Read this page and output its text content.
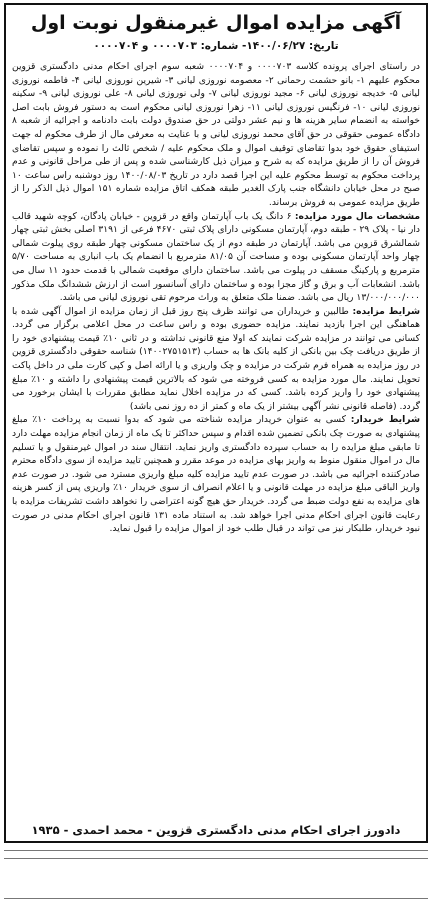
آگهی مزایده اموال غیرمنقول نوبت اول
تاریخ: ۱۴۰۰/۰۶/۲۷- شماره: ۰۰۰۰۷۰۳ و ۰۰۰۰۷۰۴

در راستای اجرای پرونده کلاسه ۰۰۰۰۷۰۳ و ۰۰۰۰۷۰۴ شعبه سوم اجرای احکام مدنی دادگستری قزوین محکوم علیهم ۱- بانو حشمت رحمانی ۲- معصومه نوروزی لیانی ۳- شیرین نوروزی لیانی ۴- فاطمه نوروزی لیانی ۵- خدیجه نوروزی لیانی ۶- مجید نوروزی لیانی ۷- ولی نوروزی لیانی ۸- علی نوروزی لیانی ۹- سکینه نوروزی لیانی ۱۰- فرنگیس نوروزی لیانی ۱۱- زهرا نوروزی لیانی محکوم است به دستور فروش بابت اصل خواسته به انضمام سایر هزینه ها و نیم عشر دولتی در حق صندوق دولت بابت دادنامه و اجرائیه از شعبه ۸ دادگاه عمومی حقوقی در حق آقای محمد نوروزی لیانی و با عنایت به معرفی مال از طرف محکوم له جهت استیفای حقوق خود بدوا تقاضای توقیف اموال و ملک محکوم علیه / شخص ثالث را نموده و سپس تقاضای فروش آن را از طریق مزایده که به شرح و میزان ذیل کارشناسی شده و پس از طی مراحل قانونی و عدم پرداخت محکوم به توسط محکوم علیه این اجرا قصد دارد در تاریخ ۱۴۰۰/۰۸/۰۳ روز دوشنبه راس ساعت ۱۰ صبح در محل خیابان دانشگاه جنب پارک الغدیر طبقه همکف اتاق مزایده شماره ۱۵۱ اموال ذیل الذکر را از طریق مزایده عمومی به فروش برساند.

مشخصات مال مورد مزایده: ۶ دانگ یک باب آپارتمان واقع در قزوین - خیابان پادگان، کوچه شهید قالب دار نیا - پلاک ۲۹ - طبقه دوم، آپارتمان مسکونی دارای پلاک ثبتی ۴۶۷۰ فرعی از ۳۱۹۱ اصلی بخش ثبتی چهار شمالشرق قزوین می باشد. آپارتمان در طبقه دوم از یک ساختمان مسکونی چهار طبقه روی پیلوت شمالی چهار واحد آپارتمان مسکونی بوده و مساحت آن ۸۱/۰۵ مترمربع با انضمام یک باب انباری به مساحت ۵/۷۰ مترمربع و پارکینگ مسقف در پیلوت می باشد. ساختمان دارای موقعیت شمالی با قدمت حدود ۱۱ سال می باشد. انشعابات آب و برق و گاز مجزا بوده و ساختمان دارای آسانسور است از ارزش ششدانگ ملک مذکور ۱۳/۰۰۰/۰۰۰/۰۰۰ ریال می باشد. ضمنا ملک متعلق به وراث مرحوم تقی نوروزی لیانی می باشد.

شرایط مزایده: طالبین و خریداران می توانند ظرف پنج روز قبل از زمان مزایده از اموال آگهی شده با هماهنگی این اجرا بازدید نمایند. مزایده حضوری بوده و راس ساعت در محل اعلامی برگزار می گردد. کسانی می توانند در مزایده شرکت نمایند که اولا منع قانونی نداشته و در ثانی ۱۰٪ قیمت پیشنهادی خود را از طریق دریافت چک بین بانکی از کلیه بانک ها به حساب (۱۴۰۰۲۷۵۱۵۱۳) شناسه حقوقی دادگستری قزوین در روز مزایده به همراه فرم شرکت در مزایده و چک واریزی و یا ارائه اصل و کپی کارت ملی در داخل پاکت تحویل نمایند. مال مورد مزایده به کسی فروخته می شود که بالاترین قیمت پیشنهادی را داشته و ۱۰٪ مبلغ پیشنهادی خود را واریز کرده باشد. کسی که در مزایده اخلال نماید مطابق مقررات با ایشان برخورد می گردد. (فاصله قانونی نشر آگهی بیشتر از یک ماه و کمتر از ده روز نمی باشد)

شرایط خریدار: کسی به عنوان خریدار مزایده شناخته می شود که بدوا نسبت به پرداخت ۱۰٪ مبلغ پیشنهادی به صورت چک بانکی تضمین شده اقدام و سپس حداکثر تا یک ماه از زمان انجام مزایده مهلت دارد تا مابقی مبلغ مزایده را به حساب سپرده دادگستری واریز نماید. انتقال سند در اموال غیرمنقول و یا تسلیم مال در اموال منقول منوط به واریز بهای مزایده در موعد مقرر و همچنین تایید مزایده از سوی دادگاه محترم صادرکننده اجرائیه می باشد. در صورت عدم تایید مزایده کلیه مبلغ واریزی مسترد می شود. در صورت عدم واریز الباقی مبلغ مزایده در مهلت قانونی و یا اعلام انصراف از سوی خریدار ۱۰٪ واریزی پس از کسر هزینه های مزایده به نفع دولت ضبط می گردد. خریدار حق هیچ گونه اعتراضی را نخواهد داشت تشریفات مزایده با رعایت قانون اجرای احکام مدنی اجرا خواهد شد. به استناد ماده ۱۳۱ قانون اجرای احکام مدنی در صورت نبود خریدار، طلبکار نیز می تواند در قبال طلب خود از اموال مزایده را قبول نماید.

دادورز اجرای احکام مدنی دادگستری قزوین - محمد احمدی - ۱۹۳۵
